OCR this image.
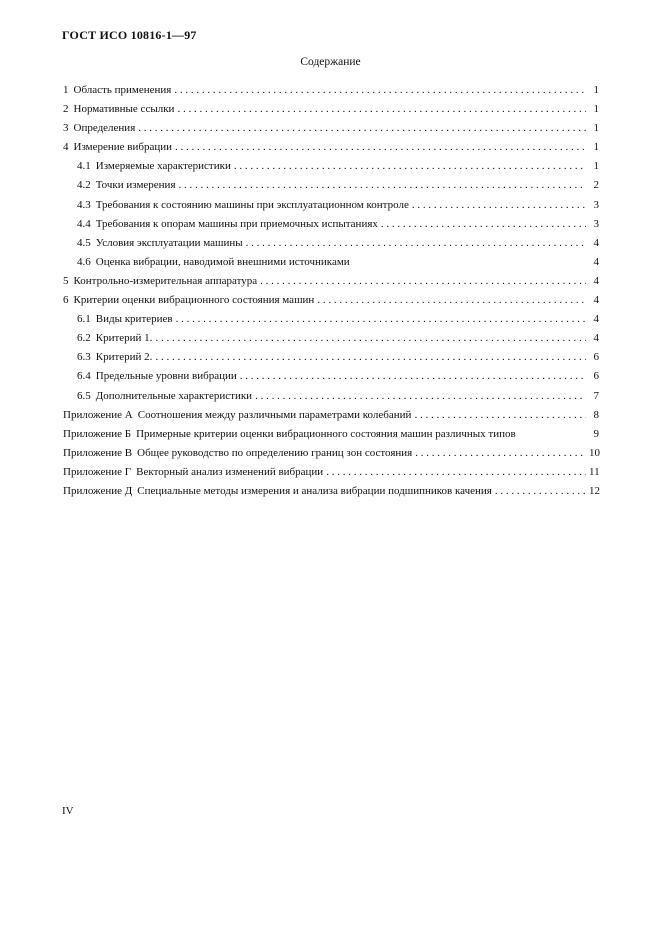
ГОСТ ИСО 10816-1—97
Содержание
1 Область применения . . .	1
2 Нормативные ссылки . . .	1
3 Определения . . .	1
4 Измерение вибрации . . .	1
4.1 Измеряемые характеристики . . .	1
4.2 Точки измерения . . .	2
4.3 Требования к состоянию машины при эксплуатационном контроле . . .	3
4.4 Требования к опорам машины при приемочных испытаниях . . .	3
4.5 Условия эксплуатации машины . . .	4
4.6 Оценка вибрации, наводимой внешними источниками	4
5 Контрольно-измерительная аппаратура . . .	4
6 Критерии оценки вибрационного состояния машин . . .	4
6.1 Виды критериев . . .	4
6.2 Критерий 1. . . .	4
6.3 Критерий 2. . . .	6
6.4 Предельные уровни вибрации . . .	6
6.5 Дополнительные характеристики . . .	7
Приложение А Соотношения между различными параметрами колебаний . . .	8
Приложение Б Примерные критерии оценки вибрационного состояния машин различных типов	9
Приложение В Общее руководство по определению границ зон состояния . . .	10
Приложение Г Векторный анализ изменений вибрации . . .	11
Приложение Д Специальные методы измерения и анализа вибрации подшипников качения . . .	12
IV
